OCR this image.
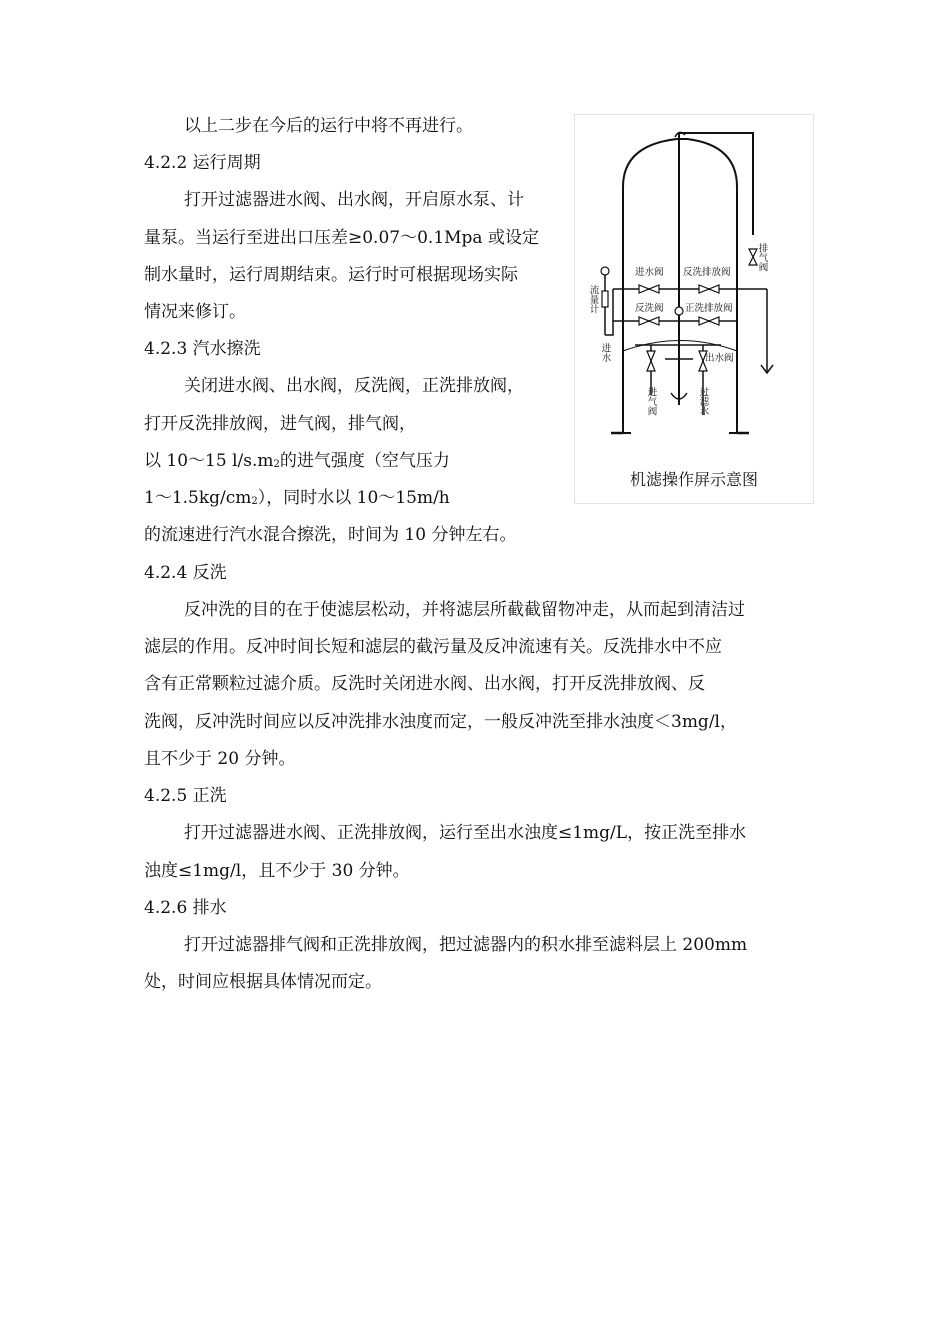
以上二步在今后的运行中将不再进行。
4.2.2 运行周期
打开过滤器进水阀、出水阀，开启原水泵、计
量泵。当运行至进出口压差≥0.07～0.1Mpa 或设定
制水量时，运行周期结束。运行时可根据现场实际
情况来修订。
4.2.3 汽水擦洗
关闭进水阀、出水阀，反洗阀，正洗排放阀，
打开反洗排放阀，进气阀，排气阀，
以 10～15 l/s.m2的进气强度（空气压力
1～1.5kg/cm2），同时水以 10～15m/h
的流速进行汽水混合擦洗，时间为 10 分钟左右。
4.2.4 反洗
反冲洗的目的在于使滤层松动，并将滤层所截截留物冲走，从而起到清洁过
滤层的作用。反冲时间长短和滤层的截污量及反冲流速有关。反洗排水中不应
含有正常颗粒过滤介质。反洗时关闭进水阀、出水阀，打开反洗排放阀、反
洗阀，反冲洗时间应以反冲洗排水浊度而定，一般反冲洗至排水浊度＜3mg/l，
且不少于 20 分钟。
4.2.5 正洗
打开过滤器进水阀、正洗排放阀，运行至出水浊度≤1mg/L，按正洗至排水
浊度≤1mg/l，且不少于 30 分钟。
4.2.6 排水
打开过滤器排气阀和正洗排放阀，把过滤器内的积水排至滤料层上 200mm
处，时间应根据具体情况而定。
进水阀 反洗排放阀
反洗阀 正洗排放阀
出水阀
排气阀
流量计
进水
进气阀	过滤水
机滤操作屏示意图
